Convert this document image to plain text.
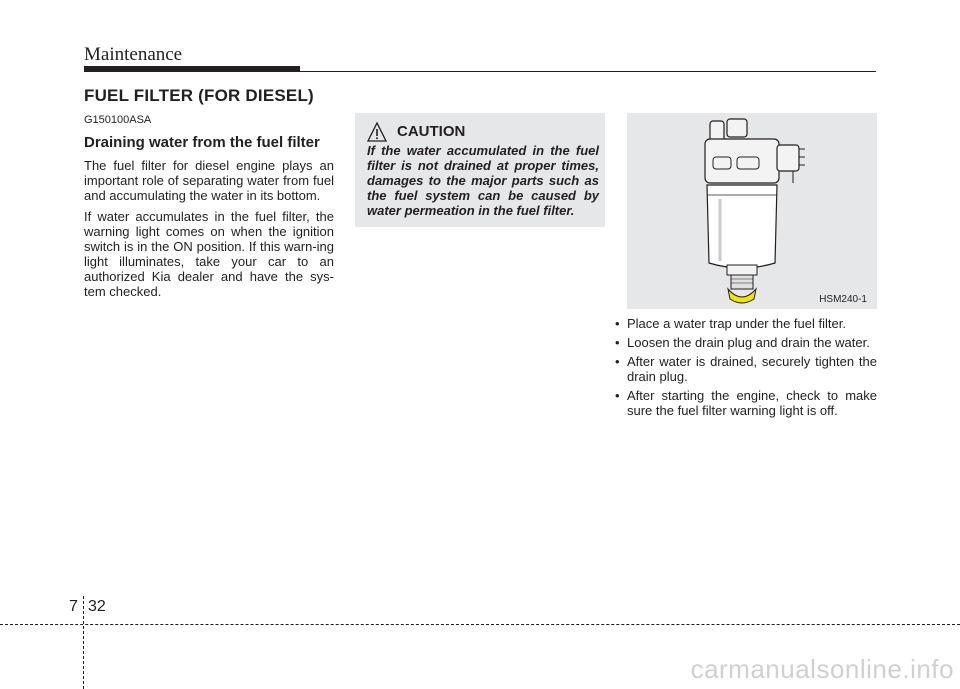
Maintenance
FUEL FILTER (FOR DIESEL)
G150100ASA
Draining water from the fuel filter

The fuel filter for diesel engine plays an important role of separating water from fuel and accumulating the water in its bottom.

If water accumulates in the fuel filter, the warning light comes on when the ignition switch is in the ON position. If this warn-ing light illuminates, take your car to an authorized Kia dealer and have the sys-tem checked.

CAUTION
If the water accumulated in the fuel filter is not drained at proper times, damages to the major parts such as the fuel system can be caused by water permeation in the fuel filter.
HSM240-1
• Place a water trap under the fuel filter.
• Loosen the drain plug and drain the water.
• After water is drained, securely tighten the drain plug.
• After starting the engine, check to make sure the fuel filter warning light is off.
7 32
carmanualsonline.info
